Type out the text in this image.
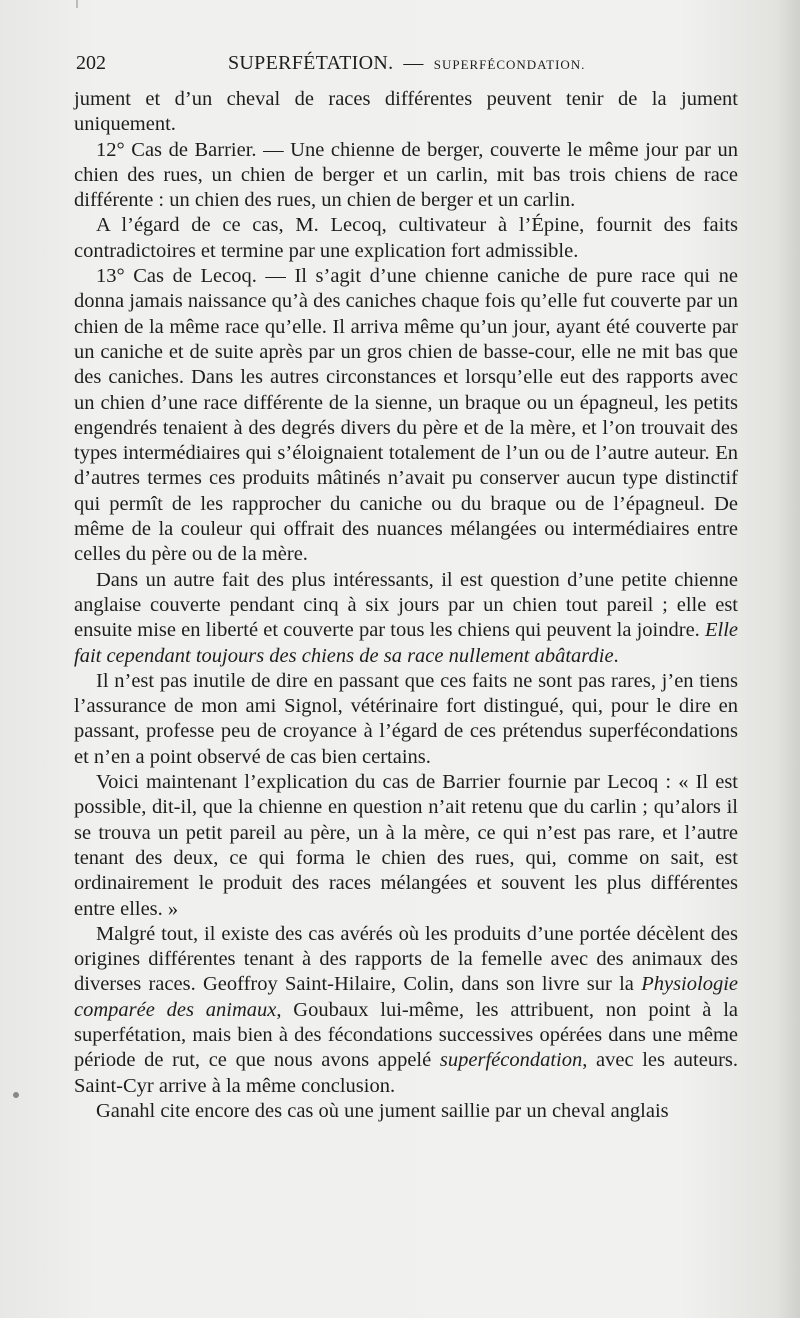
202	SUPERFÉTATION. — SUPERFÉCONDATION.

jument et d’un cheval de races différentes peuvent tenir de la jument uniquement.

12° Cas de Barrier. — Une chienne de berger, couverte le même jour par un chien des rues, un chien de berger et un carlin, mit bas trois chiens de race différente : un chien des rues, un chien de berger et un carlin.

A l’égard de ce cas, M. Lecoq, cultivateur à l’Épine, fournit des faits contradictoires et termine par une explication fort admissible.

13° Cas de Lecoq. — Il s’agit d’une chienne caniche de pure race qui ne donna jamais naissance qu’à des caniches chaque fois qu’elle fut couverte par un chien de la même race qu’elle. Il arriva même qu’un jour, ayant été couverte par un caniche et de suite après par un gros chien de basse-cour, elle ne mit bas que des caniches. Dans les autres circonstances et lorsqu’elle eut des rapports avec un chien d’une race différente de la sienne, un braque ou un épagneul, les petits engendrés tenaient à des degrés divers du père et de la mère, et l’on trouvait des types intermédiaires qui s’éloignaient totalement de l’un ou de l’autre auteur. En d’autres termes ces produits mâtinés n’avait pu conserver aucun type distinctif qui permît de les rapprocher du caniche ou du braque ou de l’épagneul. De même de la couleur qui offrait des nuances mélangées ou intermédiaires entre celles du père ou de la mère.

Dans un autre fait des plus intéressants, il est question d’une petite chienne anglaise couverte pendant cinq à six jours par un chien tout pareil ; elle est ensuite mise en liberté et couverte par tous les chiens qui peuvent la joindre. Elle fait cependant toujours des chiens de sa race nullement abâtardie.

Il n’est pas inutile de dire en passant que ces faits ne sont pas rares, j’en tiens l’assurance de mon ami Signol, vétérinaire fort distingué, qui, pour le dire en passant, professe peu de croyance à l’égard de ces prétendus superfécondations et n’en a point observé de cas bien certains.

Voici maintenant l’explication du cas de Barrier fournie par Lecoq : « Il est possible, dit-il, que la chienne en question n’ait retenu que du carlin ; qu’alors il se trouva un petit pareil au père, un à la mère, ce qui n’est pas rare, et l’autre tenant des deux, ce qui forma le chien des rues, qui, comme on sait, est ordinairement le produit des races mélangées et souvent les plus différentes entre elles. »

Malgré tout, il existe des cas avérés où les produits d’une portée décèlent des origines différentes tenant à des rapports de la femelle avec des animaux des diverses races. Geoffroy Saint-Hilaire, Colin, dans son livre sur la Physiologie comparée des animaux, Goubaux lui-même, les attribuent, non point à la superfétation, mais bien à des fécondations successives opérées dans une même période de rut, ce que nous avons appelé superfécondation, avec les auteurs. Saint-Cyr arrive à la même conclusion.

Ganahl cite encore des cas où une jument saillie par un cheval anglais
